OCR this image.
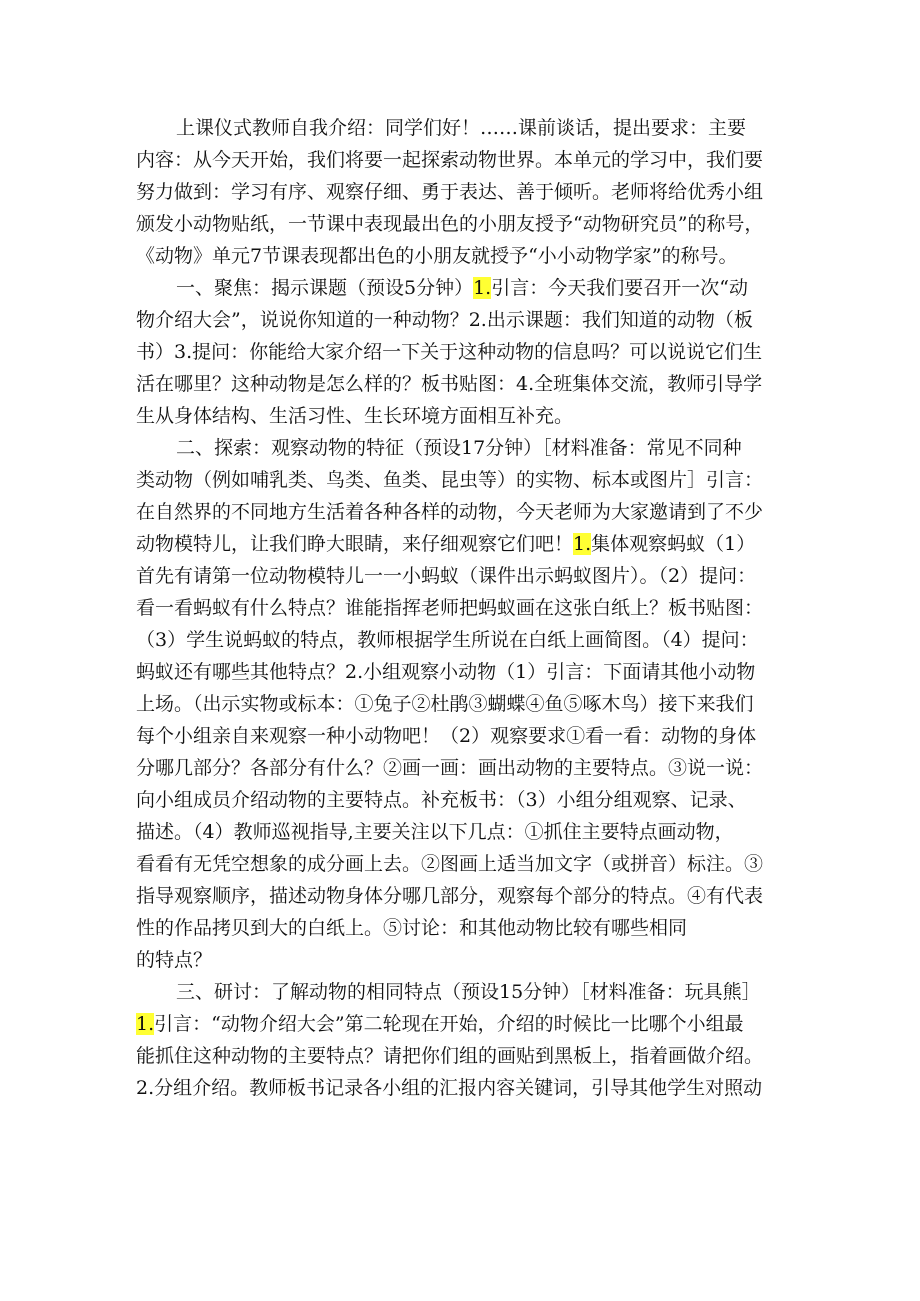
上课仪式教师自我介绍：同学们好！……课前谈话，提出要求：主要
内容：从今天开始，我们将要一起探索动物世界。本单元的学习中，我们要
努力做到：学习有序、观察仔细、勇于表达、善于倾听。老师将给优秀小组
颁发小动物贴纸，一节课中表现最出色的小朋友授予“动物研究员”的称号，
《动物》单元7节课表现都出色的小朋友就授予“小小动物学家”的称号。
一、聚焦：揭示课题（预设5分钟）1.引言：今天我们要召开一次“动
物介绍大会”，说说你知道的一种动物？2.出示课题：我们知道的动物（板
书）3.提问：你能给大家介绍一下关于这种动物的信息吗？可以说说它们生
活在哪里？这种动物是怎么样的？板书贴图：4.全班集体交流，教师引导学
生从身体结构、生活习性、生长环境方面相互补充。
二、探索：观察动物的特征（预设17分钟）［材料准备：常见不同种
类动物（例如哺乳类、鸟类、鱼类、昆虫等）的实物、标本或图片］引言：
在自然界的不同地方生活着各种各样的动物，今天老师为大家邀请到了不少
动物模特儿，让我们睁大眼睛，来仔细观察它们吧！1.集体观察蚂蚁（1）
首先有请第一位动物模特儿一一小蚂蚁（课件出示蚂蚁图片）。（2）提问：
看一看蚂蚁有什么特点？谁能指挥老师把蚂蚁画在这张白纸上？板书贴图：
（3）学生说蚂蚁的特点，教师根据学生所说在白纸上画简图。（4）提问：
蚂蚁还有哪些其他特点？2.小组观察小动物（1）引言：下面请其他小动物
上场。（出示实物或标本：①兔子②杜鹃③蝴蝶④鱼⑤啄木鸟）接下来我们
每个小组亲自来观察一种小动物吧！（2）观察要求①看一看：动物的身体
分哪几部分？各部分有什么？②画一画：画出动物的主要特点。③说一说：
向小组成员介绍动物的主要特点。补充板书：（3）小组分组观察、记录、
描述。（4）教师巡视指导,主要关注以下几点：①抓住主要特点画动物，
看看有无凭空想象的成分画上去。②图画上适当加文字（或拼音）标注。③
指导观察顺序，描述动物身体分哪几部分，观察每个部分的特点。④有代表
性的作品拷贝到大的白纸上。⑤讨论：和其他动物比较有哪些相同
的特点？
三、研讨：了解动物的相同特点（预设15分钟）［材料准备：玩具熊］
1.引言：“动物介绍大会”第二轮现在开始，介绍的时候比一比哪个小组最
能抓住这种动物的主要特点？请把你们组的画贴到黑板上，指着画做介绍。
2.分组介绍。教师板书记录各小组的汇报内容关键词，引导其他学生对照动
